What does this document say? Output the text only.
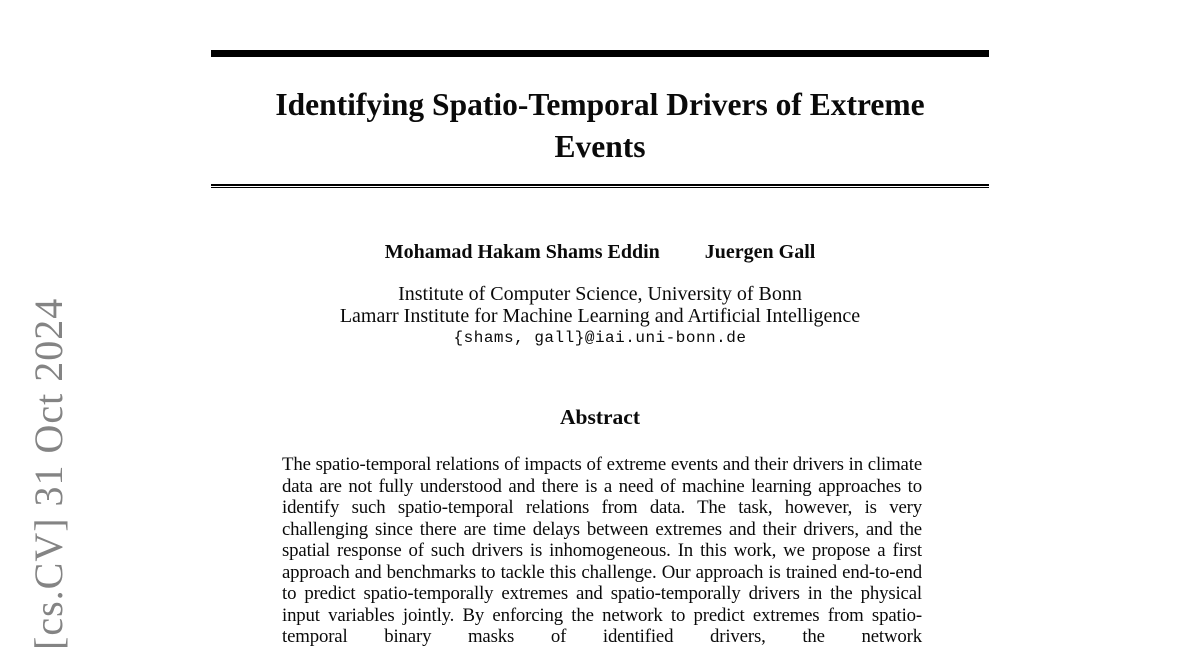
[cs.CV] 31 Oct 2024
Identifying Spatio-Temporal Drivers of Extreme
Events
Mohamad Hakam Shams Eddin Juergen Gall
Institute of Computer Science, University of Bonn
Lamarr Institute for Machine Learning and Artificial Intelligence
{shams, gall}@iai.uni-bonn.de
Abstract

The spatio-temporal relations of impacts of extreme events and their drivers in climate data are not fully understood and there is a need of machine learning approaches to identify such spatio-temporal relations from data. The task, however, is very challenging since there are time delays between extremes and their drivers, and the spatial response of such drivers is inhomogeneous. In this work, we propose a first approach and benchmarks to tackle this challenge. Our approach is trained end-to-end to predict spatio-temporally extremes and spatio-temporally drivers in the physical input variables jointly. By enforcing the network to predict extremes from spatio-temporal binary masks of identified drivers, the network
